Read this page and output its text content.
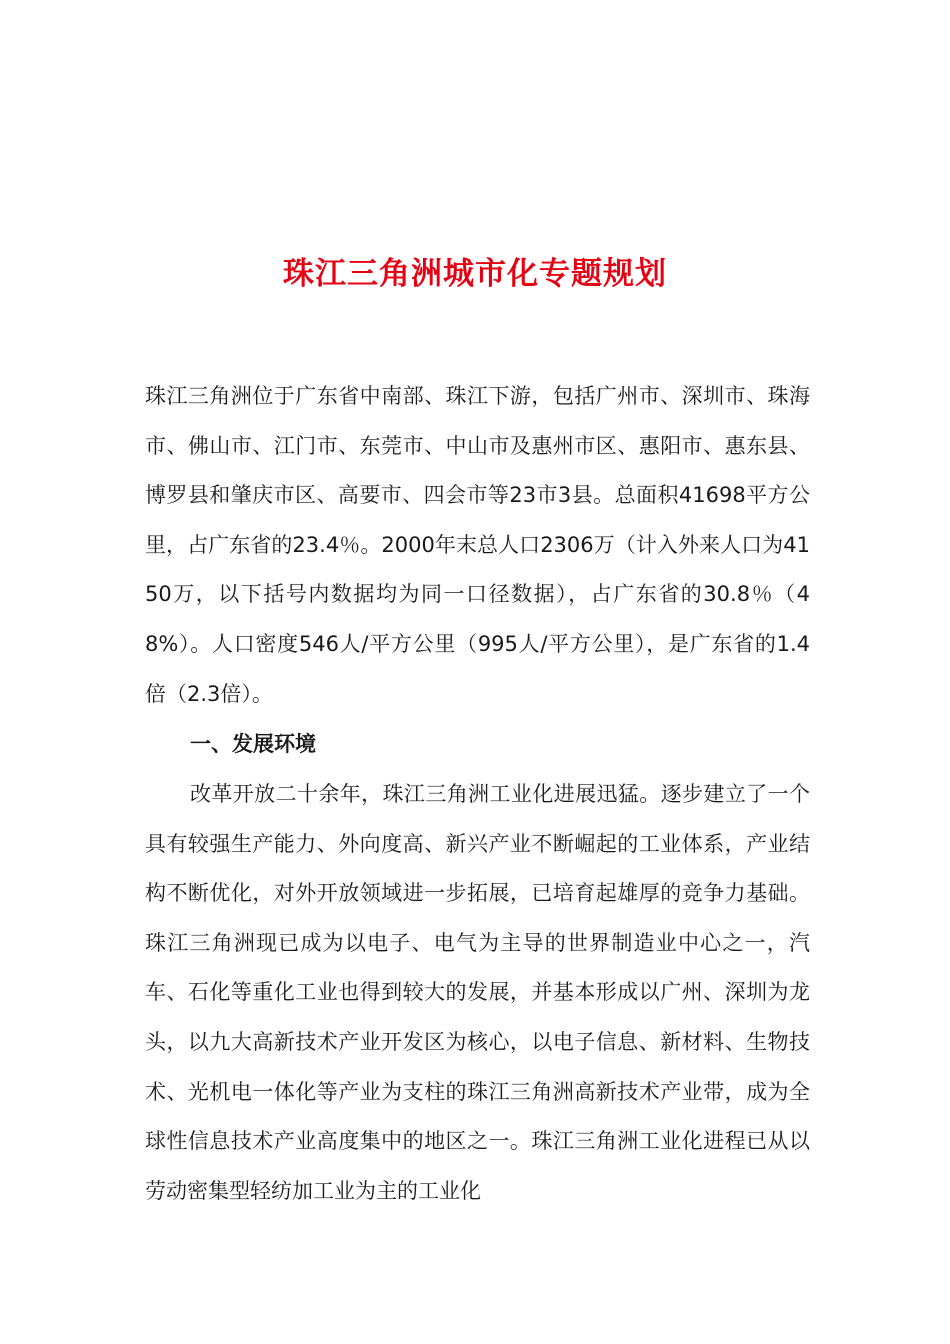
珠江三角洲城市化专题规划

珠江三角洲位于广东省中南部、珠江下游，包括广州市、深圳市、珠海市、佛山市、江门市、东莞市、中山市及惠州市区、惠阳市、惠东县、博罗县和肇庆市区、高要市、四会市等23市3县。总面积41698平方公里，占广东省的23.4％。2000年末总人口2306万（计入外来人口为4150万，以下括号内数据均为同一口径数据），占广东省的30.8％（48%）。人口密度546人/平方公里（995人/平方公里），是广东省的1.4倍（2.3倍）。

一、发展环境

改革开放二十余年，珠江三角洲工业化进展迅猛。逐步建立了一个具有较强生产能力、外向度高、新兴产业不断崛起的工业体系，产业结构不断优化，对外开放领域进一步拓展，已培育起雄厚的竞争力基础。珠江三角洲现已成为以电子、电气为主导的世界制造业中心之一，汽车、石化等重化工业也得到较大的发展，并基本形成以广州、深圳为龙头，以九大高新技术产业开发区为核心，以电子信息、新材料、生物技术、光机电一体化等产业为支柱的珠江三角洲高新技术产业带，成为全球性信息技术产业高度集中的地区之一。珠江三角洲工业化进程已从以劳动密集型轻纺加工业为主的工业化
